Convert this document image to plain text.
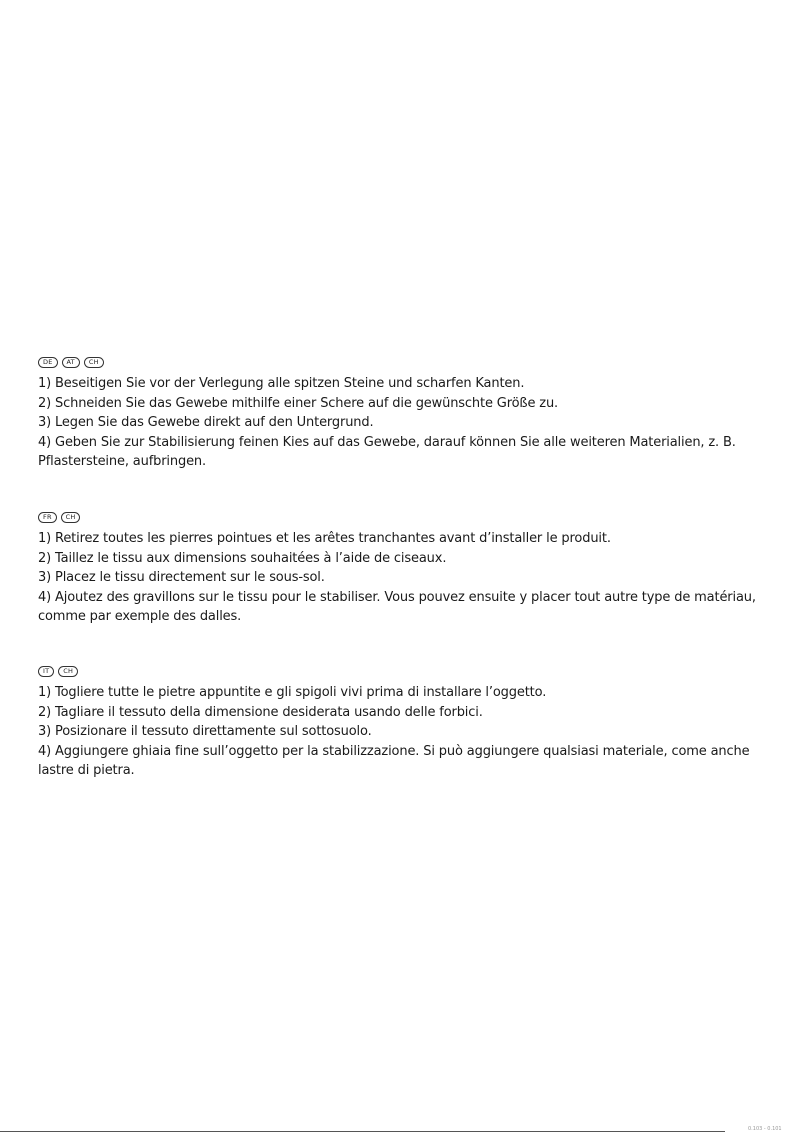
DE	AT	CH
1) Beseitigen Sie vor der Verlegung alle spitzen Steine und scharfen Kanten.
2) Schneiden Sie das Gewebe mithilfe einer Schere auf die gewünschte Größe zu.
3) Legen Sie das Gewebe direkt auf den Untergrund.
4) Geben Sie zur Stabilisierung feinen Kies auf das Gewebe, darauf können Sie alle weiteren Materialien, z. B.
Pflastersteine, aufbringen.
FR	CH
1) Retirez toutes les pierres pointues et les arêtes tranchantes avant d’installer le produit.
2) Taillez le tissu aux dimensions souhaitées à l’aide de ciseaux.
3) Placez le tissu directement sur le sous-sol.
4) Ajoutez des gravillons sur le tissu pour le stabiliser. Vous pouvez ensuite y placer tout autre type de matériau,
comme par exemple des dalles.
IT	CH
1) Togliere tutte le pietre appuntite e gli spigoli vivi prima di installare l’oggetto.
2) Tagliare il tessuto della dimensione desiderata usando delle forbici.
3) Posizionare il tessuto direttamente sul sottosuolo.
4) Aggiungere ghiaia fine sull’oggetto per la stabilizzazione. Si può aggiungere qualsiasi materiale, come anche
lastre di pietra.
0.103 - 0.101
